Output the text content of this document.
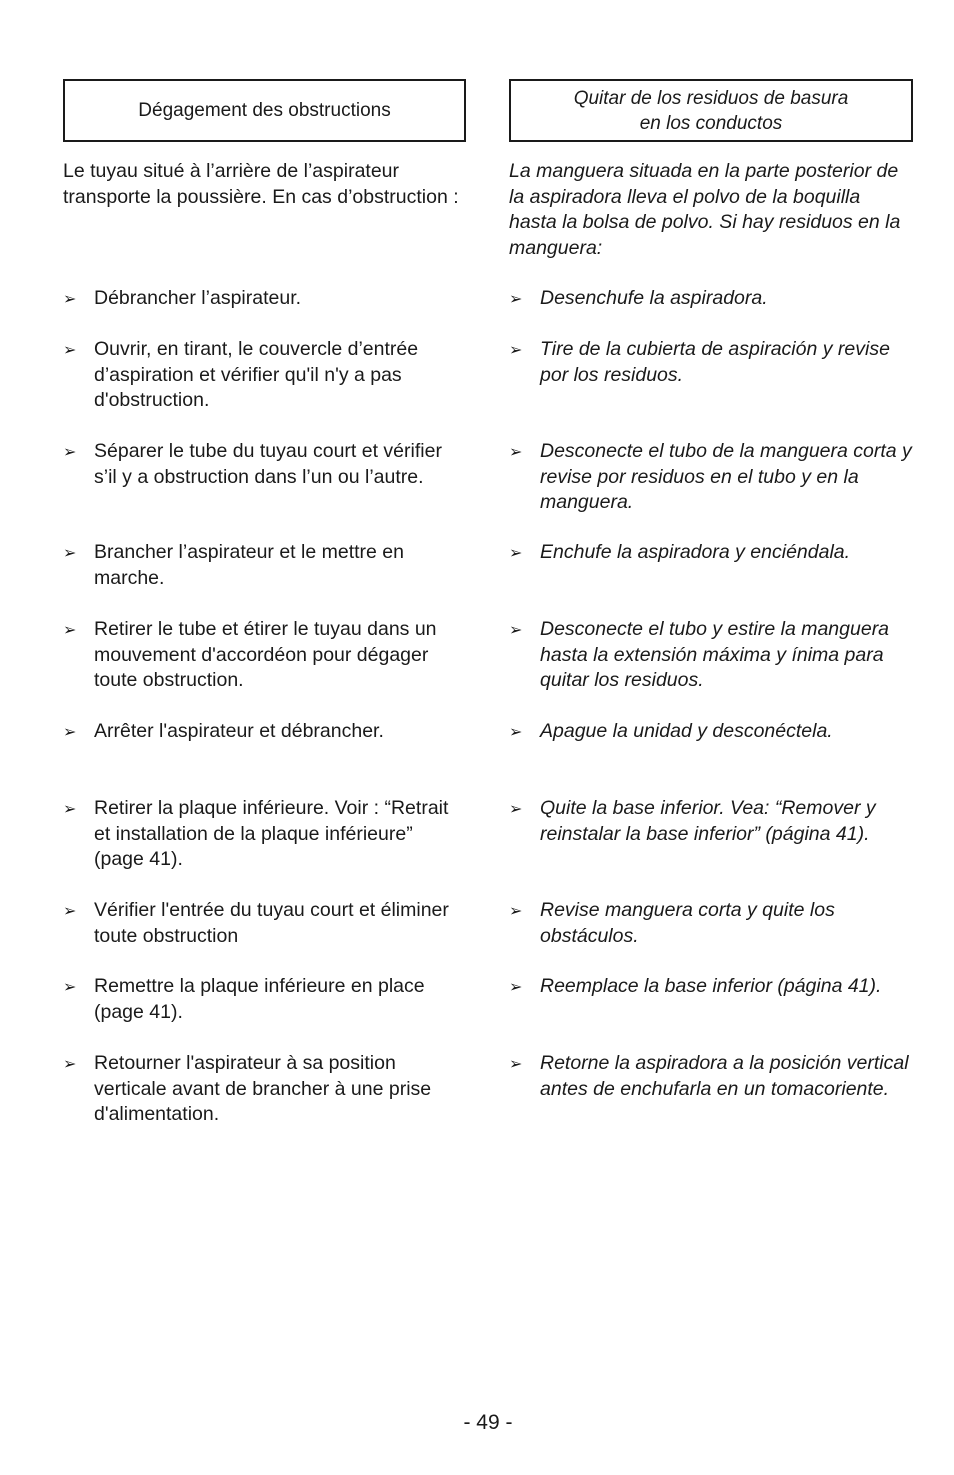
Dégagement des obstructions

Le tuyau situé à l’arrière de l’aspirateur transporte la poussière. En cas d’obstruction :

➢ Débrancher l’aspirateur.
➢ Ouvrir, en tirant, le couvercle d’entrée d’aspiration et vérifier qu'il n'y a pas d'obstruction.
➢ Séparer le tube du tuyau court et vérifier s’il y a obstruction dans l’un ou l’autre.
➢ Brancher l’aspirateur et le mettre en marche.
➢ Retirer le tube et étirer le tuyau dans un mouvement d'accordéon pour dégager toute obstruction.
➢ Arrêter l'aspirateur et débrancher.
➢ Retirer la plaque inférieure. Voir : “Retrait et installation de la plaque inférieure” (page 41).
➢ Vérifier l'entrée du tuyau court et éliminer toute obstruction
➢ Remettre la plaque inférieure en place (page 41).
➢ Retourner l'aspirateur à sa position verticale avant de brancher à une prise d'alimentation.
Quitar de los residuos de basura
en los conductos

La manguera situada en la parte posterior de la aspiradora lleva el polvo de la boquilla hasta la bolsa de polvo. Si hay residuos en la manguera:

➢ Desenchufe la aspiradora.
➢ Tire de la cubierta de aspiración y revise por los residuos.
➢ Desconecte el tubo de la manguera corta y revise por residuos en el tubo y en la manguera.
➢ Enchufe la aspiradora y enciéndala.
➢ Desconecte el tubo y estire la manguera hasta la extensión máxima y ínima para quitar los residuos.
➢ Apague la unidad y desconéctela.
➢ Quite la base inferior. Vea: “Remover y reinstalar la base inferior” (página 41).
➢ Revise manguera corta y quite los obstáculos.
➢ Reemplace la base inferior (página 41).
➢ Retorne la aspiradora a la posición vertical antes de enchufarla en un tomacoriente.
- 49 -
